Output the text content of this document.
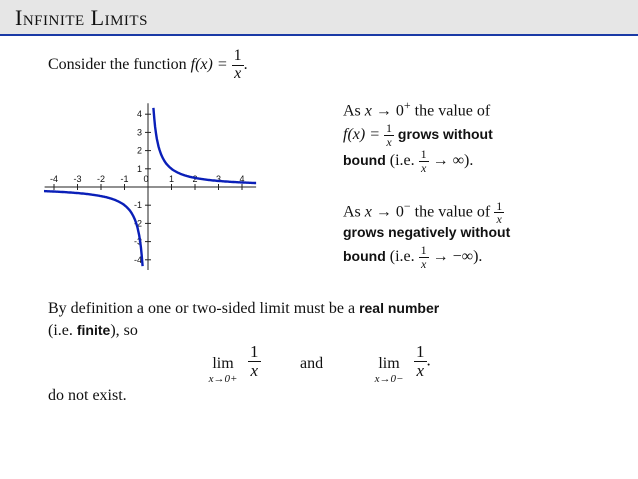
Infinite Limits
Consider the function $f(x) = \frac{1}{x}$ .
-4 -3 -2 -1 0 1 2 3 4
4
3
2
1
-1
-2
-3
-4
As x → 0+ the value of
$f(x) = \frac{1}{x}$ grows without
bound (i.e. $\frac{1}{x}$ → ∞).
As x → 0− the value of $\frac{1}{x}$
grows negatively without
bound (i.e. $\frac{1}{x}$ → −∞).
By definition a one or two-sided limit must be a real number
(i.e. finite), so
lim
$x\to 0+ \frac{1}{x}$ and	lim
$x\to 0- \frac{1}{x}$ .
do not exist.
